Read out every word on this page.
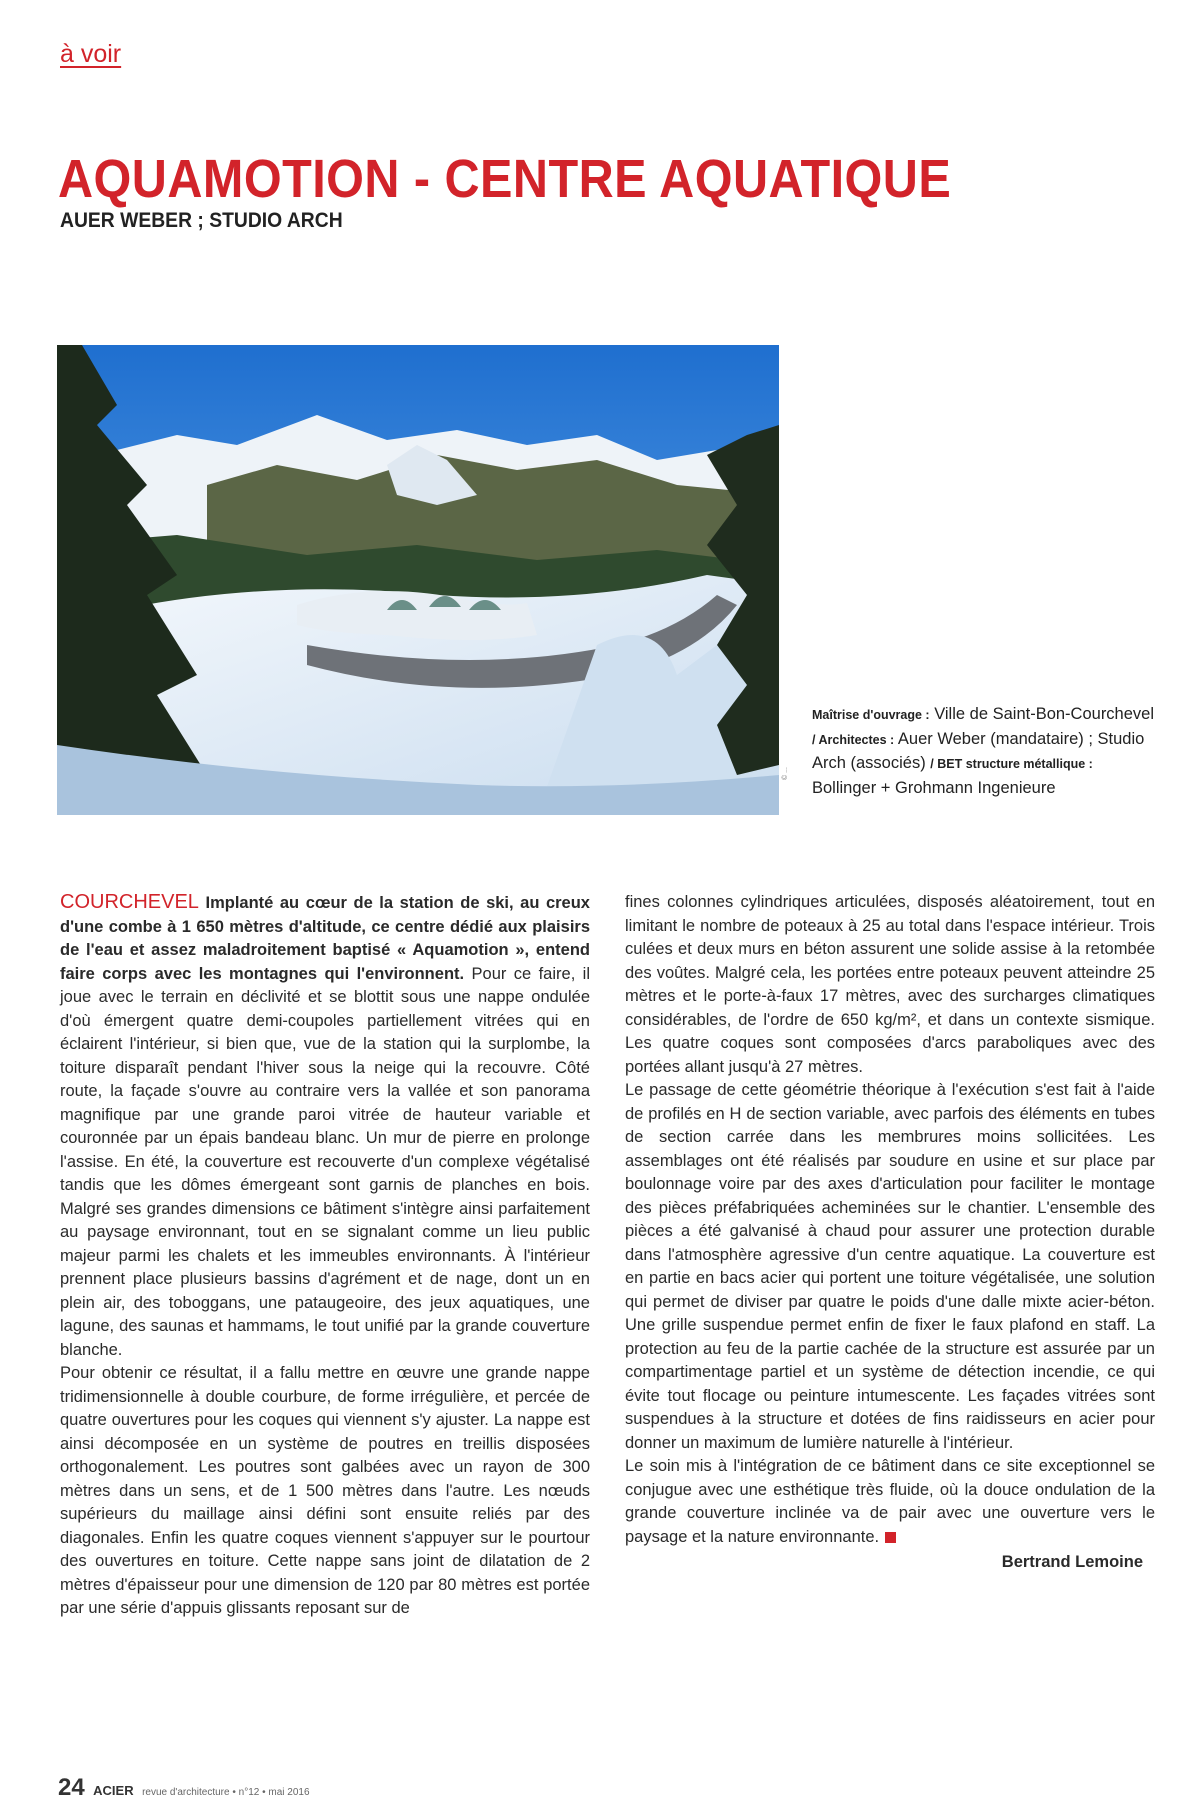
à voir
AQUAMOTION - CENTRE AQUATIQUE
AUER WEBER ; STUDIO ARCH
© ...
Maîtrise d'ouvrage : Ville de Saint-Bon-Courchevel / Architectes : Auer Weber (mandataire) ; Studio Arch (associés) / BET structure métallique : Bollinger + Grohmann Ingenieure

COURCHEVEL Implanté au cœur de la station de ski, au creux d'une combe à 1 650 mètres d'altitude, ce centre dédié aux plaisirs de l'eau et assez maladroitement baptisé « Aquamotion », entend faire corps avec les montagnes qui l'environnent. Pour ce faire, il joue avec le terrain en déclivité et se blottit sous une nappe ondulée d'où émergent quatre demi-coupoles partiellement vitrées qui en éclairent l'intérieur, si bien que, vue de la station qui la surplombe, la toiture disparaît pendant l'hiver sous la neige qui la recouvre. Côté route, la façade s'ouvre au contraire vers la vallée et son panorama magnifique par une grande paroi vitrée de hauteur variable et couronnée par un épais bandeau blanc. Un mur de pierre en prolonge l'assise. En été, la couverture est recouverte d'un complexe végétalisé tandis que les dômes émergeant sont garnis de planches en bois. Malgré ses grandes dimensions ce bâtiment s'intègre ainsi parfaitement au paysage environnant, tout en se signalant comme un lieu public majeur parmi les chalets et les immeubles environnants. À l'intérieur prennent place plusieurs bassins d'agrément et de nage, dont un en plein air, des toboggans, une pataugeoire, des jeux aquatiques, une lagune, des saunas et hammams, le tout unifié par la grande couverture blanche.

Pour obtenir ce résultat, il a fallu mettre en œuvre une grande nappe tridimensionnelle à double courbure, de forme irrégulière, et percée de quatre ouvertures pour les coques qui viennent s'y ajuster. La nappe est ainsi décomposée en un système de poutres en treillis disposées orthogonalement. Les poutres sont galbées avec un rayon de 300 mètres dans un sens, et de 1 500 mètres dans l'autre. Les nœuds supérieurs du maillage ainsi défini sont ensuite reliés par des diagonales. Enfin les quatre coques viennent s'appuyer sur le pourtour des ouvertures en toiture. Cette nappe sans joint de dilatation de 2 mètres d'épaisseur pour une dimension de 120 par 80 mètres est portée par une série d'appuis glissants reposant sur de

fines colonnes cylindriques articulées, disposés aléatoirement, tout en limitant le nombre de poteaux à 25 au total dans l'espace intérieur. Trois culées et deux murs en béton assurent une solide assise à la retombée des voûtes. Malgré cela, les portées entre poteaux peuvent atteindre 25 mètres et le porte-à-faux 17 mètres, avec des surcharges climatiques considérables, de l'ordre de 650 kg/m², et dans un contexte sismique. Les quatre coques sont composées d'arcs paraboliques avec des portées allant jusqu'à 27 mètres.

Le passage de cette géométrie théorique à l'exécution s'est fait à l'aide de profilés en H de section variable, avec parfois des éléments en tubes de section carrée dans les membrures moins sollicitées. Les assemblages ont été réalisés par soudure en usine et sur place par boulonnage voire par des axes d'articulation pour faciliter le montage des pièces préfabriquées acheminées sur le chantier. L'ensemble des pièces a été galvanisé à chaud pour assurer une protection durable dans l'atmosphère agressive d'un centre aquatique. La couverture est en partie en bacs acier qui portent une toiture végétalisée, une solution qui permet de diviser par quatre le poids d'une dalle mixte acier-béton. Une grille suspendue permet enfin de fixer le faux plafond en staff. La protection au feu de la partie cachée de la structure est assurée par un compartimentage partiel et un système de détection incendie, ce qui évite tout flocage ou peinture intumescente. Les façades vitrées sont suspendues à la structure et dotées de fins raidisseurs en acier pour donner un maximum de lumière naturelle à l'intérieur.

Le soin mis à l'intégration de ce bâtiment dans ce site exceptionnel se conjugue avec une esthétique très fluide, où la douce ondulation de la grande couverture inclinée va de pair avec une ouverture vers le paysage et la nature environnante.

Bertrand Lemoine
24 ACIER revue d'architecture • n°12 • mai 2016
